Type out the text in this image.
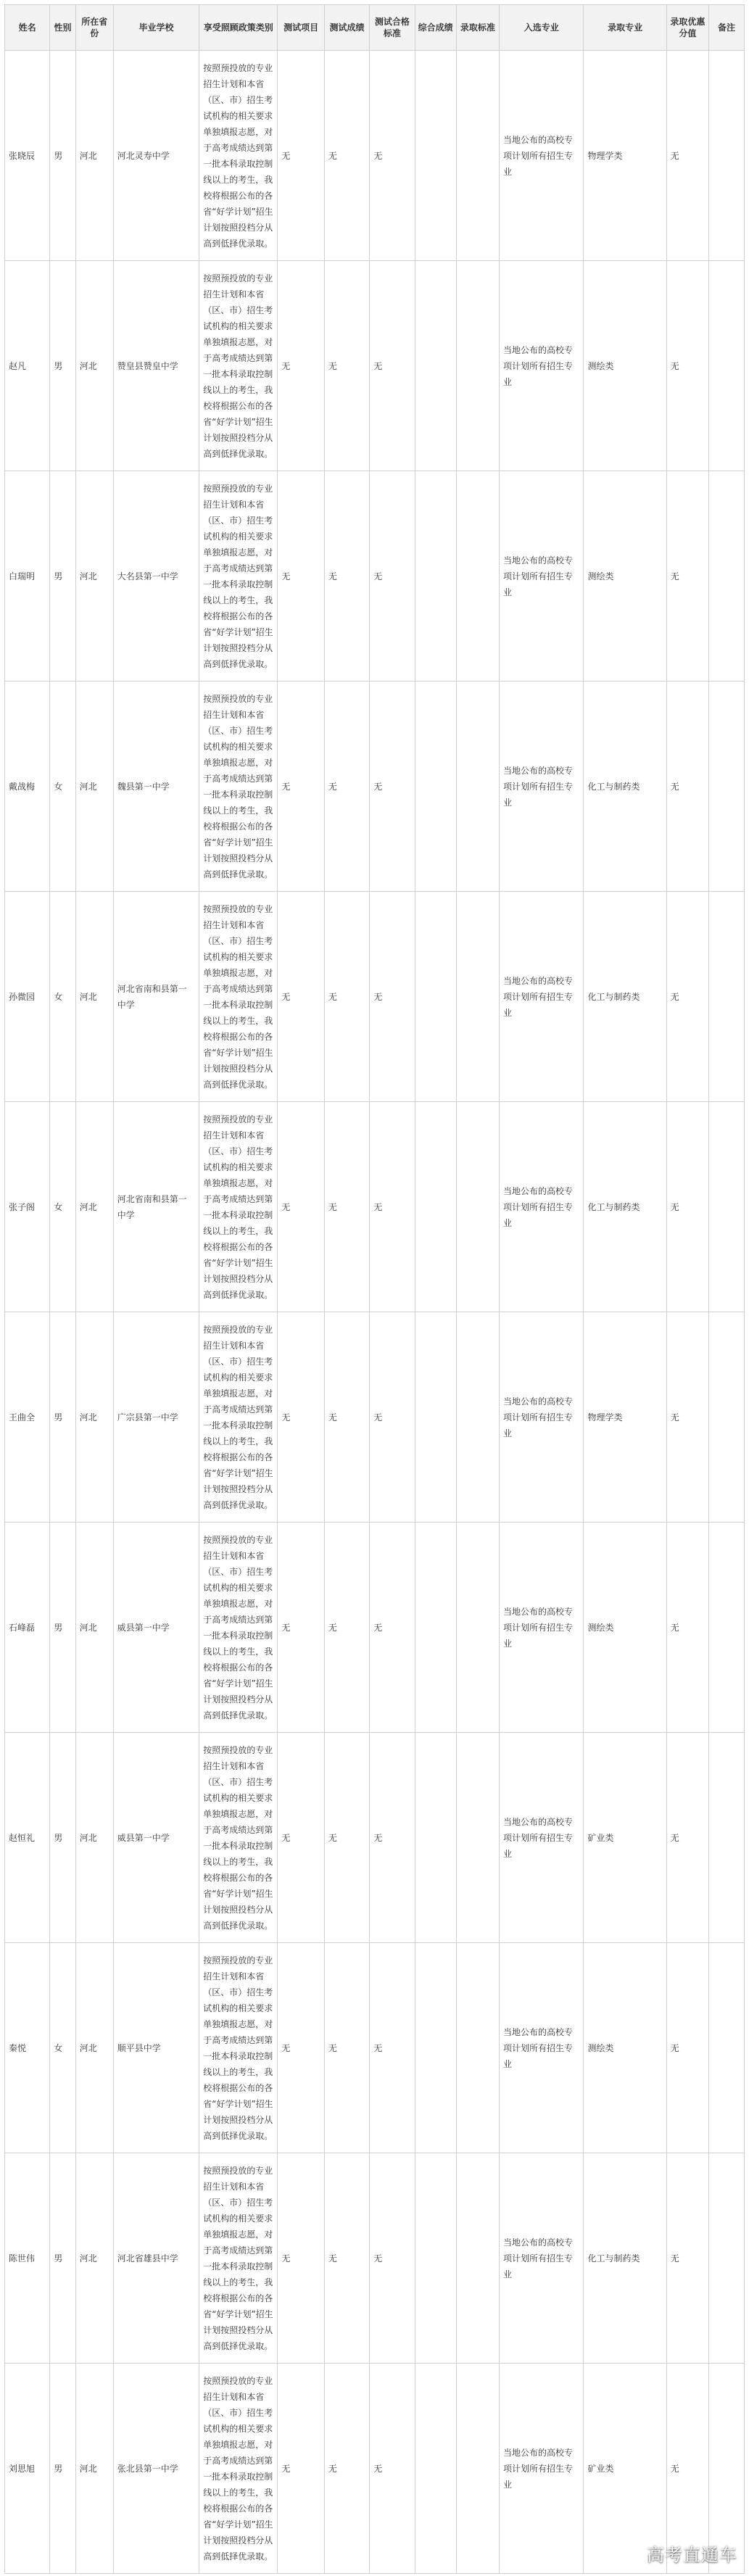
姓名	性别	所在省份	毕业学校	享受照顾政策类别	测试项目	测试成绩	测试合格标准	综合成绩	录取标准	入选专业	录取专业	录取优惠分值	备注
张晓辰	男	河北	河北灵寿中学	按照预投放的专业招生计划和本省（区、市）招生考试机构的相关要求单独填报志愿，对于高考成绩达到第一批本科录取控制线以上的考生，我校将根据公布的各省“好学计划”招生计划按照投档分从高到低择优录取。	无	无	无			当地公布的高校专项计划所有招生专业	物理学类	无	
赵凡	男	河北	赞皇县赞皇中学	按照预投放的专业招生计划和本省（区、市）招生考试机构的相关要求单独填报志愿，对于高考成绩达到第一批本科录取控制线以上的考生，我校将根据公布的各省“好学计划”招生计划按照投档分从高到低择优录取。	无	无	无			当地公布的高校专项计划所有招生专业	测绘类	无	
白瑞明	男	河北	大名县第一中学	按照预投放的专业招生计划和本省（区、市）招生考试机构的相关要求单独填报志愿，对于高考成绩达到第一批本科录取控制线以上的考生，我校将根据公布的各省“好学计划”招生计划按照投档分从高到低择优录取。	无	无	无			当地公布的高校专项计划所有招生专业	测绘类	无	
戴战梅	女	河北	魏县第一中学	按照预投放的专业招生计划和本省（区、市）招生考试机构的相关要求单独填报志愿，对于高考成绩达到第一批本科录取控制线以上的考生，我校将根据公布的各省“好学计划”招生计划按照投档分从高到低择优录取。	无	无	无			当地公布的高校专项计划所有招生专业	化工与制药类	无	
孙微园	女	河北	河北省南和县第一中学	按照预投放的专业招生计划和本省（区、市）招生考试机构的相关要求单独填报志愿，对于高考成绩达到第一批本科录取控制线以上的考生，我校将根据公布的各省“好学计划”招生计划按照投档分从高到低择优录取。	无	无	无			当地公布的高校专项计划所有招生专业	化工与制药类	无	
张子阁	女	河北	河北省南和县第一中学	按照预投放的专业招生计划和本省（区、市）招生考试机构的相关要求单独填报志愿，对于高考成绩达到第一批本科录取控制线以上的考生，我校将根据公布的各省“好学计划”招生计划按照投档分从高到低择优录取。	无	无	无			当地公布的高校专项计划所有招生专业	化工与制药类	无	
王曲全	男	河北	广宗县第一中学	按照预投放的专业招生计划和本省（区、市）招生考试机构的相关要求单独填报志愿，对于高考成绩达到第一批本科录取控制线以上的考生，我校将根据公布的各省“好学计划”招生计划按照投档分从高到低择优录取。	无	无	无			当地公布的高校专项计划所有招生专业	物理学类	无	
石峰磊	男	河北	威县第一中学	按照预投放的专业招生计划和本省（区、市）招生考试机构的相关要求单独填报志愿，对于高考成绩达到第一批本科录取控制线以上的考生，我校将根据公布的各省“好学计划”招生计划按照投档分从高到低择优录取。	无	无	无			当地公布的高校专项计划所有招生专业	测绘类	无	
赵恒礼	男	河北	威县第一中学	按照预投放的专业招生计划和本省（区、市）招生考试机构的相关要求单独填报志愿，对于高考成绩达到第一批本科录取控制线以上的考生，我校将根据公布的各省“好学计划”招生计划按照投档分从高到低择优录取。	无	无	无			当地公布的高校专项计划所有招生专业	矿业类	无	
秦悦	女	河北	顺平县中学	按照预投放的专业招生计划和本省（区、市）招生考试机构的相关要求单独填报志愿，对于高考成绩达到第一批本科录取控制线以上的考生，我校将根据公布的各省“好学计划”招生计划按照投档分从高到低择优录取。	无	无	无			当地公布的高校专项计划所有招生专业	测绘类	无	
陈世伟	男	河北	河北省雄县中学	按照预投放的专业招生计划和本省（区、市）招生考试机构的相关要求单独填报志愿，对于高考成绩达到第一批本科录取控制线以上的考生，我校将根据公布的各省“好学计划”招生计划按照投档分从高到低择优录取。	无	无	无			当地公布的高校专项计划所有招生专业	化工与制药类	无	
刘思旭	男	河北	张北县第一中学	按照预投放的专业招生计划和本省（区、市）招生考试机构的相关要求单独填报志愿，对于高考成绩达到第一批本科录取控制线以上的考生，我校将根据公布的各省“好学计划”招生计划按照投档分从高到低择优录取。	无	无	无			当地公布的高校专项计划所有招生专业	矿业类	无	
高考直通车
